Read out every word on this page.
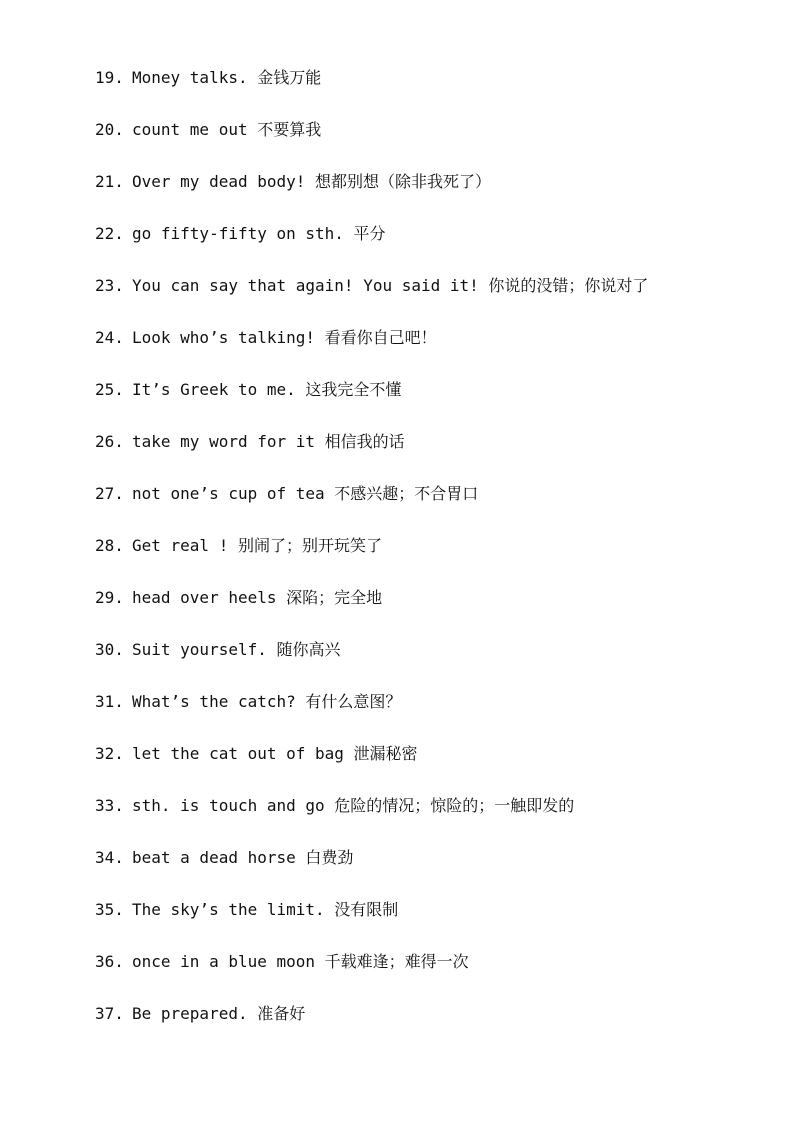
19. Money talks. 金钱万能
20. count me out 不要算我
21. Over my dead body! 想都别想（除非我死了）
22. go fifty-fifty on sth. 平分
23. You can say that again! You said it! 你说的没错；你说对了
24. Look who’s talking! 看看你自己吧！
25. It’s Greek to me. 这我完全不懂
26. take my word for it 相信我的话
27. not one’s cup of tea 不感兴趣；不合胃口
28. Get real ! 别闹了；别开玩笑了
29. head over heels 深陷；完全地
30. Suit yourself. 随你高兴
31. What’s the catch? 有什么意图？
32. let the cat out of bag 泄漏秘密
33. sth. is touch and go 危险的情况；惊险的；一触即发的
34. beat a dead horse 白费劲
35. The sky’s the limit. 没有限制
36. once in a blue moon 千载难逢；难得一次
37. Be prepared. 准备好
